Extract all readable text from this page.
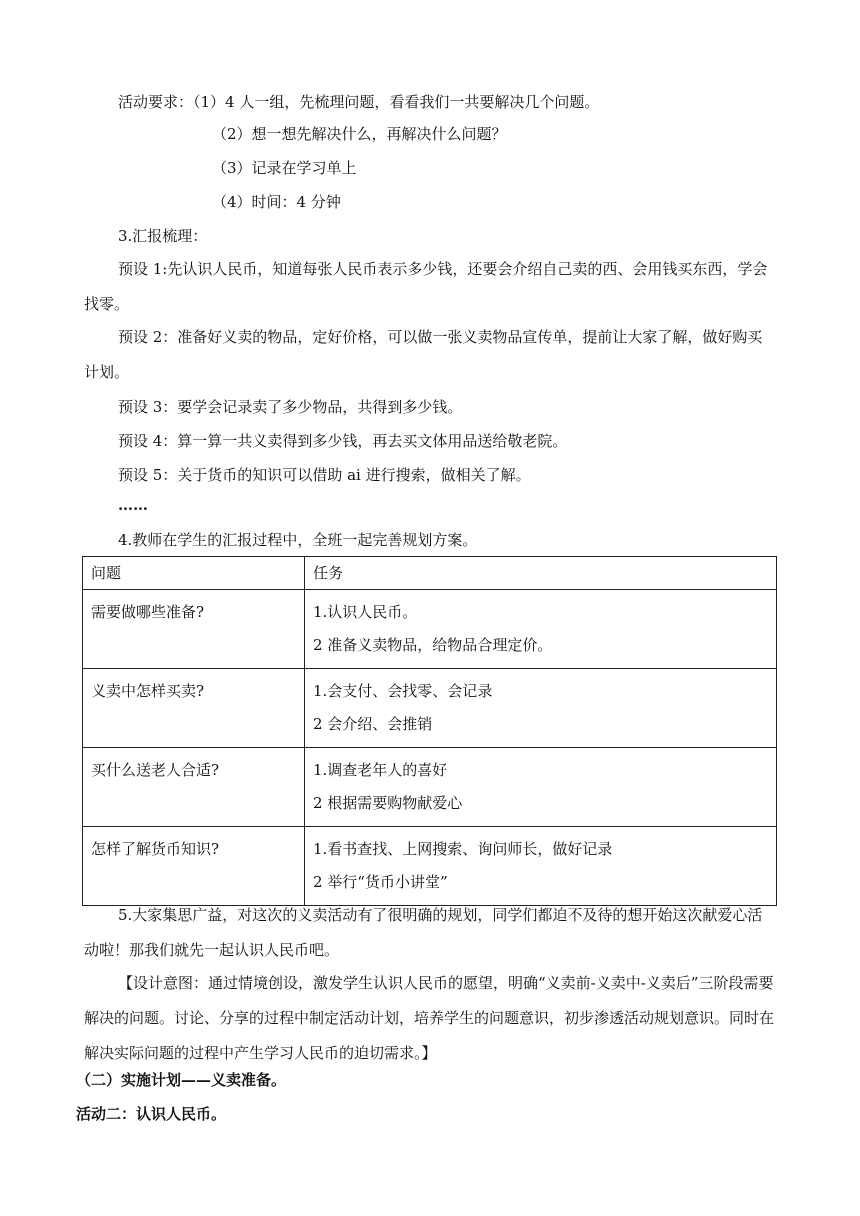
活动要求：（1）4 人一组，先梳理问题，看看我们一共要解决几个问题。
（2）想一想先解决什么，再解决什么问题？
（3）记录在学习单上
（4）时间：4 分钟
3.汇报梳理：
预设 1:先认识人民币，知道每张人民币表示多少钱，还要会介绍自己卖的西、会用钱买东西，学会找零。
预设 2：准备好义卖的物品，定好价格，可以做一张义卖物品宣传单，提前让大家了解，做好购买计划。
预设 3：要学会记录卖了多少物品，共得到多少钱。
预设 4：算一算一共义卖得到多少钱，再去买文体用品送给敬老院。
预设 5：关于货币的知识可以借助 ai 进行搜索，做相关了解。
……
4.教师在学生的汇报过程中，全班一起完善规划方案。
问题	任务

需要做哪些准备?	1.认识人民币。
2 准备义卖物品，给物品合理定价。

义卖中怎样买卖?	1.会支付、会找零、会记录
2 会介绍、会推销

买什么送老人合适?	1.调查老年人的喜好
2 根据需要购物献爱心

怎样了解货币知识?	1.看书查找、上网搜索、询问师长，做好记录
2 举行“货币小讲堂”
5.大家集思广益，对这次的义卖活动有了很明确的规划，同学们都迫不及待的想开始这次献爱心活动啦！那我们就先一起认识人民币吧。
【设计意图：通过情境创设，激发学生认识人民币的愿望，明确“义卖前-义卖中-义卖后”三阶段需要解决的问题。讨论、分享的过程中制定活动计划，培养学生的问题意识，初步渗透活动规划意识。同时在解决实际问题的过程中产生学习人民币的迫切需求。】
（二）实施计划——义卖准备。
活动二：认识人民币。
